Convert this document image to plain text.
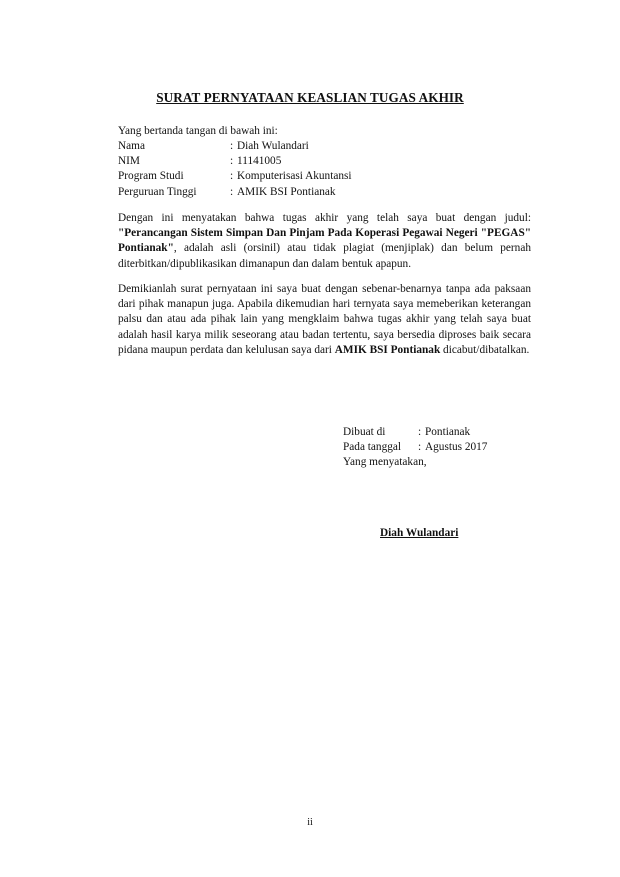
SURAT PERNYATAAN KEASLIAN TUGAS AKHIR
Yang bertanda tangan di bawah ini:
Nama	: Diah Wulandari
NIM	: 11141005
Program Studi	: Komputerisasi Akuntansi
Perguruan Tinggi	: AMIK BSI Pontianak
Dengan ini menyatakan bahwa tugas akhir yang telah saya buat dengan judul: "Perancangan Sistem Simpan Dan Pinjam Pada Koperasi Pegawai Negeri "PEGAS" Pontianak", adalah asli (orsinil) atau tidak plagiat (menjiplak) dan belum pernah diterbitkan/dipublikasikan dimanapun dan dalam bentuk apapun.
Demikianlah surat pernyataan ini saya buat dengan sebenar-benarnya tanpa ada paksaan dari pihak manapun juga. Apabila dikemudian hari ternyata saya memeberikan keterangan palsu dan atau ada pihak lain yang mengklaim bahwa tugas akhir yang telah saya buat adalah hasil karya milik seseorang atau badan tertentu, saya bersedia diproses baik secara pidana maupun perdata dan kelulusan saya dari AMIK BSI Pontianak dicabut/dibatalkan.
Dibuat di	: Pontianak
Pada tanggal	: Agustus 2017
Yang menyatakan,
Diah Wulandari
ii
